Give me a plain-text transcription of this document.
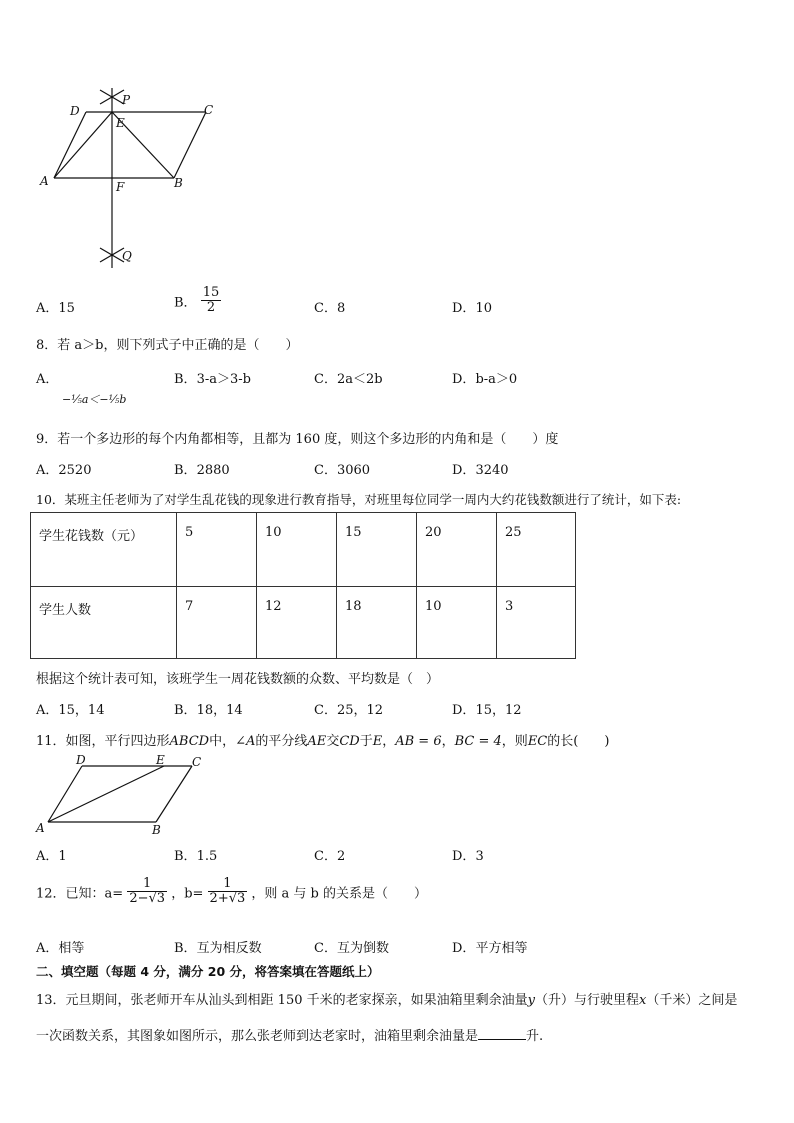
D
P
C
E
A	F	B
Q
A．15	B． $\frac{15}{2}$	C．8	D．10
8．若 a＞b，则下列式子中正确的是（　　）
A．
$_{-\frac{1}{5}a<-\frac{1}{5}b}$
B．3-a＞3-b	C．2a＜2b	D．b-a＞0
9．若一个多边形的每个内角都相等，且都为 160 度，则这个多边形的内角和是（　　）度
A．2520	B．2880	C．3060	D．3240
10．某班主任老师为了对学生乱花钱的现象进行教育指导，对班里每位同学一周内大约花钱数额进行了统计，如下表:
学生花钱数（元）	5	10	15	20	25
学生人数	7	12	18	10	3
根据这个统计表可知，该班学生一周花钱数额的众数、平均数是（　）
A．15，14	B．18，14	C．25，12	D．15，12
11．如图，平行四边形ABCD中，∠A的平分线AE交CD于E，AB = 6，BC = 4，则EC的长(　　)
D	E C
A	B
A．1	B．1.5	C．2	D．3
12．已知：$a= \frac{1}{2-√3}$ ，$b= \frac{1}{2+√3}$ ，则 a 与 b 的关系是（　　）
A．相等	B．互为相反数	C．互为倒数	D．平方相等
二、填空题（每题 4 分，满分 20 分，将答案填在答题纸上）
13．元旦期间，张老师开车从汕头到相距 150 千米的老家探亲，如果油箱里剩余油量y（升）与行驶里程x（千米）之间是
一次函数关系，其图象如图所示，那么张老师到达老家时，油箱里剩余油量是	升.
